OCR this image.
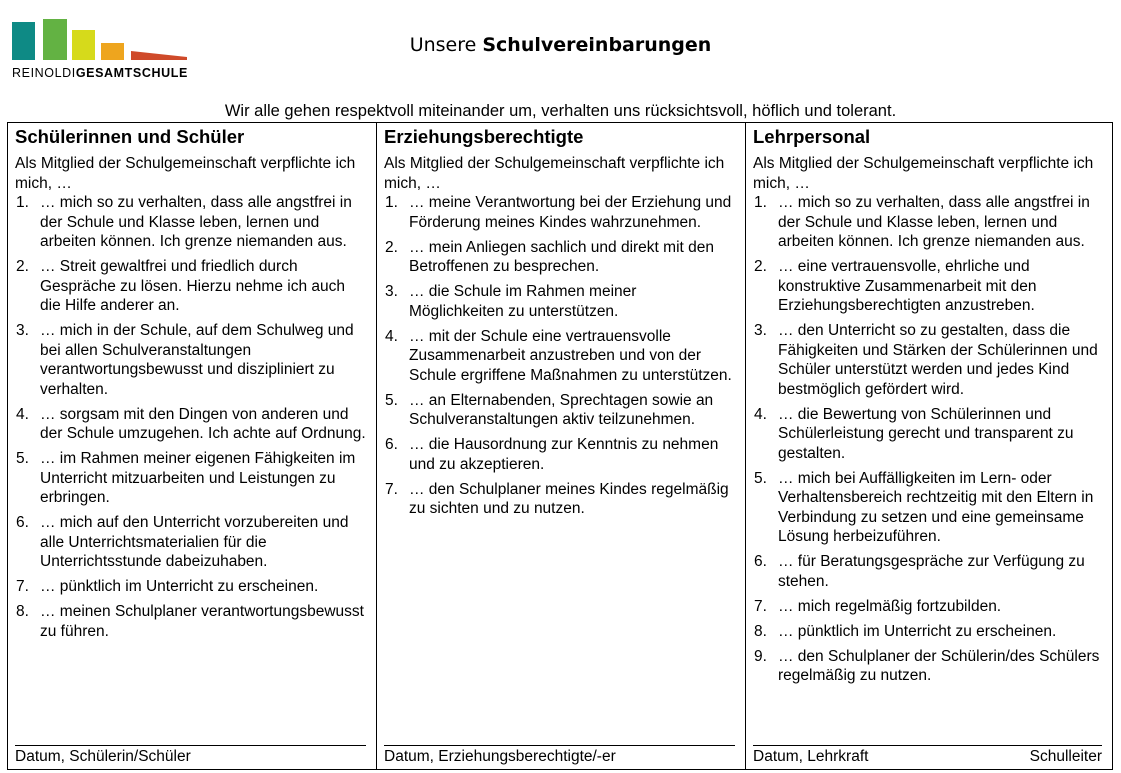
REINOLDIGESAMTSCHULE
Unsere Schulvereinbarungen
Wir alle gehen respektvoll miteinander um, verhalten uns rücksichtsvoll, höflich und tolerant.
Schülerinnen und Schüler
Als Mitglied der Schulgemeinschaft verpflichte ich mich, …
1. … mich so zu verhalten, dass alle angstfrei in der Schule und Klasse leben, lernen und arbeiten können. Ich grenze niemanden aus.
2. … Streit gewaltfrei und friedlich durch Gespräche zu lösen. Hierzu nehme ich auch die Hilfe anderer an.
3. … mich in der Schule, auf dem Schulweg und bei allen Schulveranstaltungen verantwortungsbewusst und diszipliniert zu verhalten.
4. … sorgsam mit den Dingen von anderen und der Schule umzugehen. Ich achte auf Ordnung.
5. … im Rahmen meiner eigenen Fähigkeiten im Unterricht mitzuarbeiten und Leistungen zu erbringen.
6. … mich auf den Unterricht vorzubereiten und alle Unterrichtsmaterialien für die Unterrichtsstunde dabeizuhaben.
7. … pünktlich im Unterricht zu erscheinen.
8. … meinen Schulplaner verantwortungsbewusst zu führen.
Datum, Schülerin/Schüler
Erziehungsberechtigte
Als Mitglied der Schulgemeinschaft verpflichte ich mich, …
1. … meine Verantwortung bei der Erziehung und Förderung meines Kindes wahrzunehmen.
2. … mein Anliegen sachlich und direkt mit den Betroffenen zu besprechen.
3. … die Schule im Rahmen meiner Möglichkeiten zu unterstützen.
4. … mit der Schule eine vertrauensvolle Zusammenarbeit anzustreben und von der Schule ergriffene Maßnahmen zu unterstützen.
5. … an Elternabenden, Sprechtagen sowie an Schulveranstaltungen aktiv teilzunehmen.
6. … die Hausordnung zur Kenntnis zu nehmen und zu akzeptieren.
7. … den Schulplaner meines Kindes regelmäßig zu sichten und zu nutzen.
Datum, Erziehungsberechtigte/-er
Lehrpersonal
Als Mitglied der Schulgemeinschaft verpflichte ich mich, …
1. … mich so zu verhalten, dass alle angstfrei in der Schule und Klasse leben, lernen und arbeiten können. Ich grenze niemanden aus.
2. … eine vertrauensvolle, ehrliche und konstruktive Zusammenarbeit mit den Erziehungsberechtigten anzustreben.
3. … den Unterricht so zu gestalten, dass die Fähigkeiten und Stärken der Schülerinnen und Schüler unterstützt werden und jedes Kind bestmöglich gefördert wird.
4. … die Bewertung von Schülerinnen und Schülerleistung gerecht und transparent zu gestalten.
5. … mich bei Auffälligkeiten im Lern- oder Verhaltensbereich rechtzeitig mit den Eltern in Verbindung zu setzen und eine gemeinsame Lösung herbeizuführen.
6. … für Beratungsgespräche zur Verfügung zu stehen.
7. … mich regelmäßig fortzubilden.
8. … pünktlich im Unterricht zu erscheinen.
9. … den Schulplaner der Schülerin/des Schülers regelmäßig zu nutzen.
Datum, Lehrkraft	Schulleiter
